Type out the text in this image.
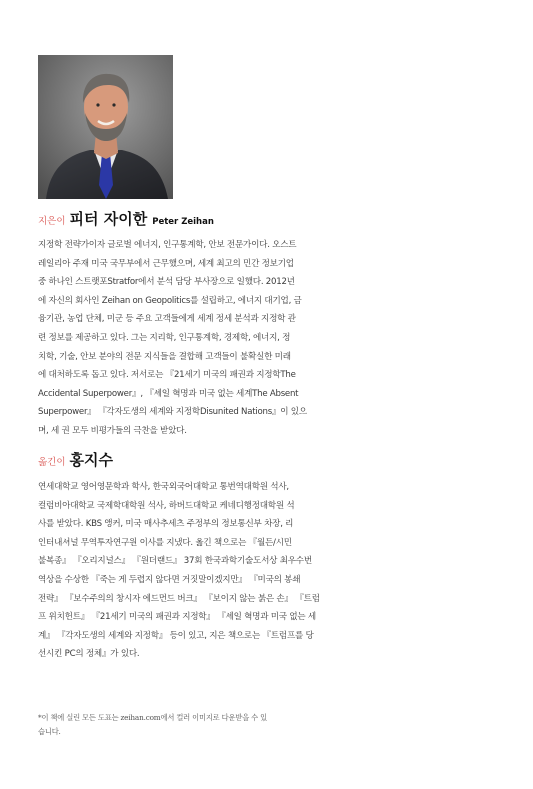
지은이 피터 자이한 Peter Zeihan
지정학 전략가이자 글로벌 에너지, 인구통계학, 안보 전문가이다. 오스트
레일리아 주재 미국 국무부에서 근무했으며, 세계 최고의 민간 정보기업
중 하나인 스트랫포Stratfor에서 분석 담당 부사장으로 일했다. 2012년
에 자신의 회사인 Zeihan on Geopolitics를 설립하고, 에너지 대기업, 금
융기관, 농업 단체, 미군 등 주요 고객들에게 세계 정세 분석과 지정학 관
련 정보를 제공하고 있다. 그는 지리학, 인구통계학, 경제학, 에너지, 정
치학, 기술, 안보 분야의 전문 지식들을 결합해 고객들이 불확실한 미래
에 대처하도록 돕고 있다. 저서로는 『21세기 미국의 패권과 지정학The
Accidental Superpower』, 『셰일 혁명과 미국 없는 세계The Absent
Superpower』 『각자도생의 세계와 지정학Disunited Nations』이 있으
며, 세 권 모두 비평가들의 극찬을 받았다.
옮긴이 홍지수
연세대학교 영어영문학과 학사, 한국외국어대학교 통번역대학원 석사,
컬럼비아대학교 국제학대학원 석사, 하버드대학교 케네디행정대학원 석
사를 받았다. KBS 앵커, 미국 매사추세츠 주정부의 정보통신부 차장, 리
인터내셔널 무역투자연구원 이사를 지냈다. 옮긴 책으로는 『월든/시민
불복종』 『오리지널스』 『원더랜드』 37회 한국과학기술도서상 최우수번
역상을 수상한 『죽는 게 두렵지 않다면 거짓말이겠지만』 『미국의 봉쇄
전략』 『보수주의의 창시자 에드먼드 버크』 『보이지 않는 붉은 손』 『트럼
프 위치헌트』 『21세기 미국의 패권과 지정학』 『셰일 혁명과 미국 없는 세
계』 『각자도생의 세계와 지정학』 등이 있고, 지은 책으로는 『트럼프를 당
선시킨 PC의 정체』가 있다.
*이 책에 실린 모든 도표는 zeihan.com에서 컬러 이미지로 다운받을 수 있
습니다.
